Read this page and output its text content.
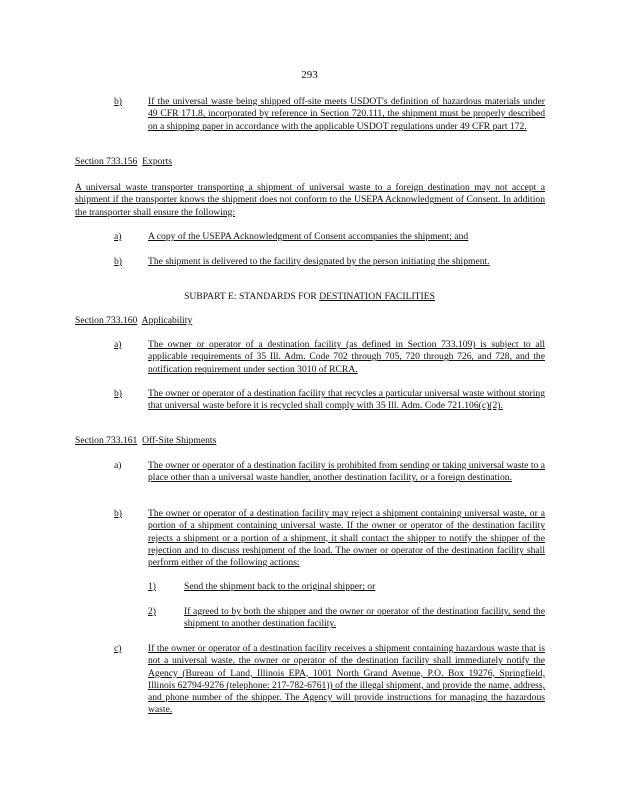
293
b)	If the universal waste being shipped off-site meets USDOT's definition of hazardous materials under 49 CFR 171.8, incorporated by reference in Section 720.111, the shipment must be properly described on a shipping paper in accordance with the applicable USDOT regulations under 49 CFR part 172.

Section 733.156 Exports

A universal waste transporter transporting a shipment of universal waste to a foreign destination may not accept a shipment if the transporter knows the shipment does not conform to the USEPA Acknowledgment of Consent. In addition the transporter shall ensure the following:

a)	A copy of the USEPA Acknowledgment of Consent accompanies the shipment; and

b)	The shipment is delivered to the facility designated by the person initiating the shipment.

SUBPART E: STANDARDS FOR DESTINATION FACILITIES
Section 733.160 Applicability
a)	The owner or operator of a destination facility (as defined in Section 733.109) is subject to all applicable requirements of 35 Ill. Adm. Code 702 through 705, 720 through 726, and 728, and the notification requirement under section 3010 of RCRA.

b)	The owner or operator of a destination facility that recycles a particular universal waste without storing that universal waste before it is recycled shall comply with 35 Ill. Adm. Code 721.106(c)(2).

Section 733.161 Off-Site Shipments
a)	The owner or operator of a destination facility is prohibited from sending or taking universal waste to a place other than a universal waste handler, another destination facility, or a foreign destination.

b)	The owner or operator of a destination facility may reject a shipment containing universal waste, or a portion of a shipment containing universal waste. If the owner or operator of the destination facility rejects a shipment or a portion of a shipment, it shall contact the shipper to notify the shipper of the rejection and to discuss reshipment of the load. The owner or operator of the destination facility shall perform either of the following actions:

1)	Send the shipment back to the original shipper; or

2)	If agreed to by both the shipper and the owner or operator of the destination facility, send the shipment to another destination facility.

c)	If the owner or operator of a destination facility receives a shipment containing hazardous waste that is not a universal waste, the owner or operator of the destination facility shall immediately notify the Agency (Bureau of Land, Illinois EPA, 1001 North Grand Avenue, P.O. Box 19276, Springfield, Illinois 62794-9276 (telephone: 217-782-6761)) of the illegal shipment, and provide the name, address, and phone number of the shipper. The Agency will provide instructions for managing the hazardous waste.
